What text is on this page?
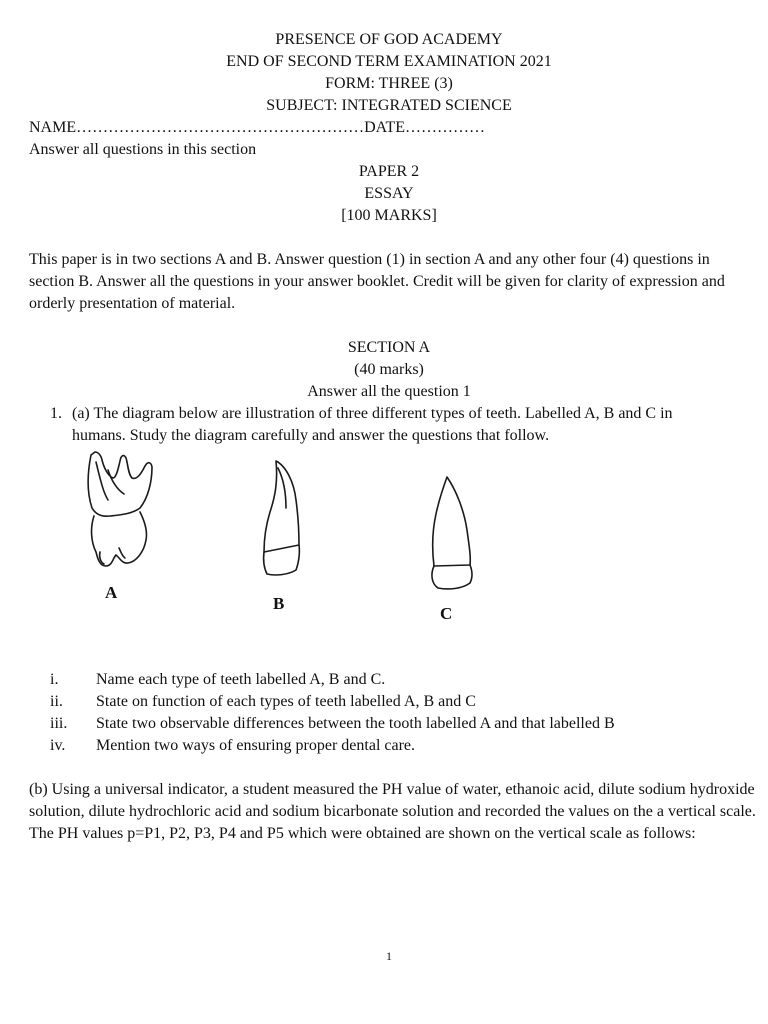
PRESENCE OF GOD ACADEMY
END OF SECOND TERM EXAMINATION 2021
FORM: THREE (3)
SUBJECT: INTEGRATED SCIENCE
NAME………………………………………………DATE……………
Answer all questions in this section
PAPER 2
ESSAY
[100 MARKS]
This paper is in two sections A and B. Answer question (1) in section A and any other four (4) questions in section B. Answer all the questions in your answer booklet. Credit will be given for clarity of expression and orderly presentation of material.
SECTION A
(40 marks)
Answer all the question 1
1. (a) The diagram below are illustration of three different types of teeth. Labelled A, B and C in
humans. Study the diagram carefully and answer the questions that follow.
A
B
C
i. Name each type of teeth labelled A, B and C.
ii. State on function of each types of teeth labelled A, B and C
iii. State two observable differences between the tooth labelled A and that labelled B
iv. Mention two ways of ensuring proper dental care.
(b) Using a universal indicator, a student measured the PH value of water, ethanoic acid, dilute sodium hydroxide solution, dilute hydrochloric acid and sodium bicarbonate solution and recorded the values on the a vertical scale. The PH values p=P1, P2, P3, P4 and P5 which were obtained are shown on the vertical scale as follows:
1
